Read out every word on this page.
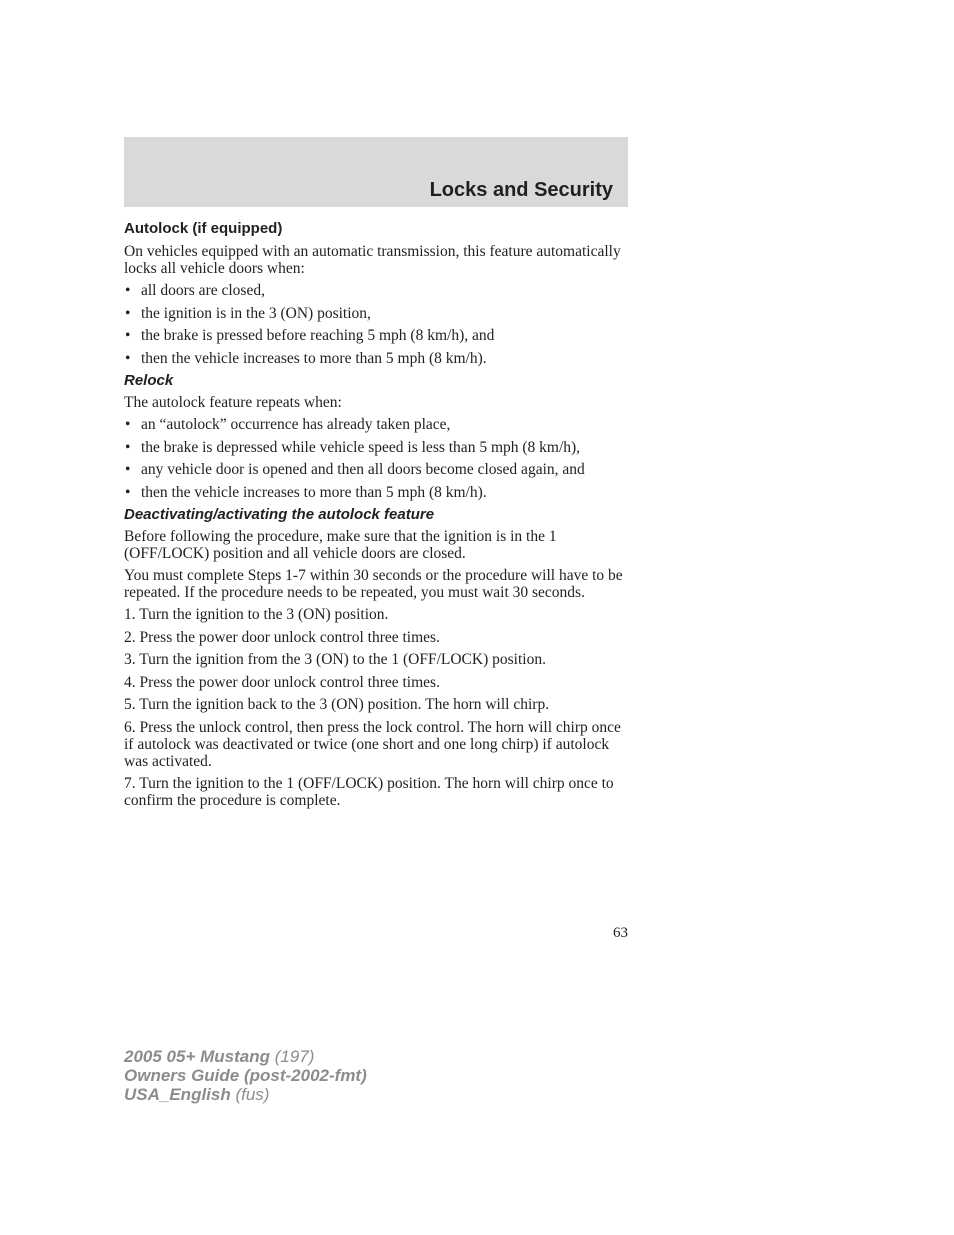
Locks and Security
Autolock (if equipped)

On vehicles equipped with an automatic transmission, this feature automatically locks all vehicle doors when:

• all doors are closed,
• the ignition is in the 3 (ON) position,
• the brake is pressed before reaching 5 mph (8 km/h), and
• then the vehicle increases to more than 5 mph (8 km/h).
Relock

The autolock feature repeats when:

• an “autolock” occurrence has already taken place,
• the brake is depressed while vehicle speed is less than 5 mph (8 km/h),
• any vehicle door is opened and then all doors become closed again, and
• then the vehicle increases to more than 5 mph (8 km/h).
Deactivating/activating the autolock feature

Before following the procedure, make sure that the ignition is in the 1 (OFF/LOCK) position and all vehicle doors are closed.

You must complete Steps 1-7 within 30 seconds or the procedure will have to be repeated. If the procedure needs to be repeated, you must wait 30 seconds.

1. Turn the ignition to the 3 (ON) position.
2. Press the power door unlock control three times.
3. Turn the ignition from the 3 (ON) to the 1 (OFF/LOCK) position.
4. Press the power door unlock control three times.
5. Turn the ignition back to the 3 (ON) position. The horn will chirp.
6. Press the unlock control, then press the lock control. The horn will chirp once if autolock was deactivated or twice (one short and one long chirp) if autolock was activated.
7. Turn the ignition to the 1 (OFF/LOCK) position. The horn will chirp once to confirm the procedure is complete.
63
2005 05+ Mustang (197)
Owners Guide (post-2002-fmt)
USA_English (fus)
